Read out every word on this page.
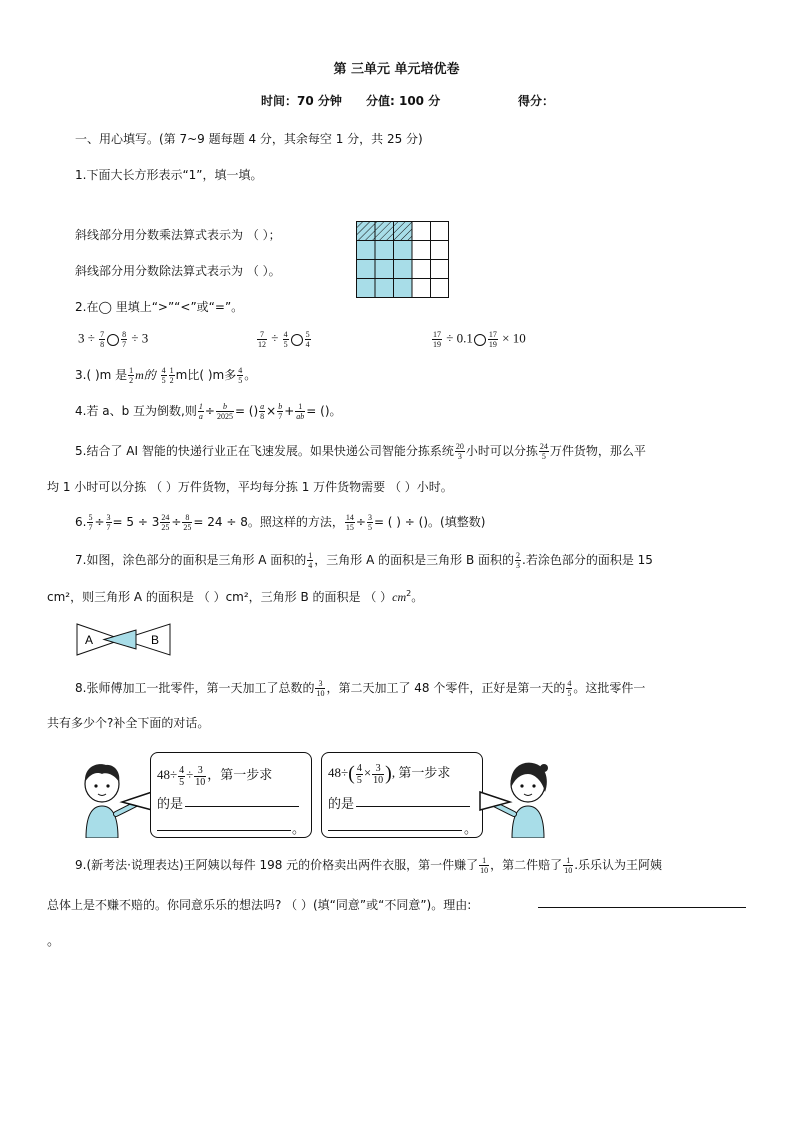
第 三单元 单元培优卷
时间：70 分钟 分值: 100 分	得分：
一、用心填写。(第 7~9 题每题 4 分，其余每空 1 分，共 25 分)
1.下面大长方形表示“1”，填一填。
斜线部分用分数乘法算式表示为 （ ）；
斜线部分用分数除法算式表示为 （ ）。
2.在◯ 里填上“>”“<”或“=”。
$3 \div \frac{7}{8} \frac{8}{7} \div 3$	$\frac{7}{12} \div \frac{4}{5} \frac{5}{4}$	$\frac{17}{19} \div 0.1 \frac{17}{19} \times 10$
3.( )m 是 $\frac{1}{2}$ m的 $\frac{4}{5} \frac{1}{2}$ m比( )m多 $\frac{4}{5}$ 。
4.若 a、b 互为倒数,则 $\frac{1}{a} \div \frac{b}{2025}$ = () $\frac{a}{8} \times \frac{b}{7} + \frac{1}{ab}$ = ()。
5.结合了 AI 智能的快递行业正在飞速发展。如果快递公司智能分拣系统 $\frac{20}{3}$ 小时可以分拣 $\frac{24}{5}$ 万件货物，那么平
均 1 小时可以分拣 （ ）万件货物，平均每分拣 1 万件货物需要 （ ）小时。
6. $\frac{5}{7} \div \frac{3}{7} = 5 \div 3 \frac{24}{25} \div \frac{8}{25} = 24 \div 8$。照这样的方法， $\frac{14}{15} \div \frac{3}{5}$ = ( ) ÷ ()。(填整数)
7.如图，涂色部分的面积是三角形 A 面积的 $\frac{1}{4}$ ，三角形 A 的面积是三角形 B 面积的 $\frac{2}{3}$ .若涂色部分的面积是 15
cm²，则三角形 A 的面积是 （ ）cm²，三角形 B 的面积是 （ ）$cm^2$。
A	B
8.张师傅加工一批零件，第一天加工了总数的 $\frac{3}{10}$ ，第二天加工了 48 个零件，正好是第一天的 $\frac{4}{5}$ 。这批零件一
共有多少个?补全下面的对话。
$48\div \frac{4}{5} \div \frac{3}{10}$ ，第一步求
的是
。
$48\div( \frac{4}{5} \times \frac{3}{10}$ ), 第一步求
的是
。
9.(新考法·说理表达)王阿姨以每件 198 元的价格卖出两件衣服，第一件赚了 $\frac{1}{10}$ ，第二件赔了 $\frac{1}{10}$ .乐乐认为王阿姨
总体上是不赚不赔的。你同意乐乐的想法吗? （ ）(填“同意”或“不同意”)。理由:
。
